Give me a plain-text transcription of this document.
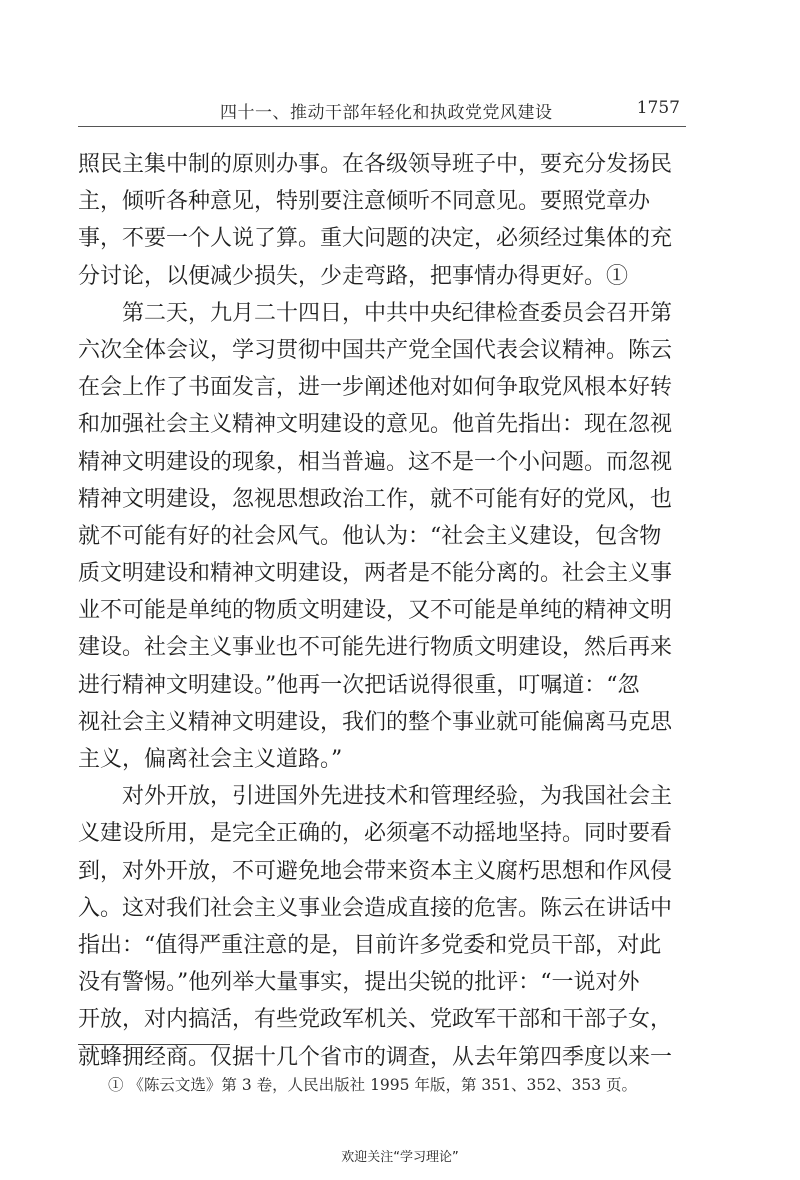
四十一、推动干部年轻化和执政党党风建设	1757
照民主集中制的原则办事。在各级领导班子中，要充分发扬民
主，倾听各种意见，特别要注意倾听不同意见。要照党章办
事，不要一个人说了算。重大问题的决定，必须经过集体的充
分讨论，以便减少损失，少走弯路，把事情办得更好。①
第二天，九月二十四日，中共中央纪律检查委员会召开第
六次全体会议，学习贯彻中国共产党全国代表会议精神。陈云
在会上作了书面发言，进一步阐述他对如何争取党风根本好转
和加强社会主义精神文明建设的意见。他首先指出：现在忽视
精神文明建设的现象，相当普遍。这不是一个小问题。而忽视
精神文明建设，忽视思想政治工作，就不可能有好的党风，也
就不可能有好的社会风气。他认为：“社会主义建设，包含物
质文明建设和精神文明建设，两者是不能分离的。社会主义事
业不可能是单纯的物质文明建设，又不可能是单纯的精神文明
建设。社会主义事业也不可能先进行物质文明建设，然后再来
进行精神文明建设。”他再一次把话说得很重，叮嘱道：“忽
视社会主义精神文明建设，我们的整个事业就可能偏离马克思
主义，偏离社会主义道路。”
对外开放，引进国外先进技术和管理经验，为我国社会主
义建设所用，是完全正确的，必须毫不动摇地坚持。同时要看
到，对外开放，不可避免地会带来资本主义腐朽思想和作风侵
入。这对我们社会主义事业会造成直接的危害。陈云在讲话中
指出：“值得严重注意的是，目前许多党委和党员干部，对此
没有警惕。”他列举大量事实，提出尖锐的批评：“一说对外
开放，对内搞活，有些党政军机关、党政军干部和干部子女，
就蜂拥经商。仅据十几个省市的调查，从去年第四季度以来一
① 《陈云文选》第 3 卷，人民出版社 1995 年版，第 351、352、353 页。
欢迎关注“学习理论”
